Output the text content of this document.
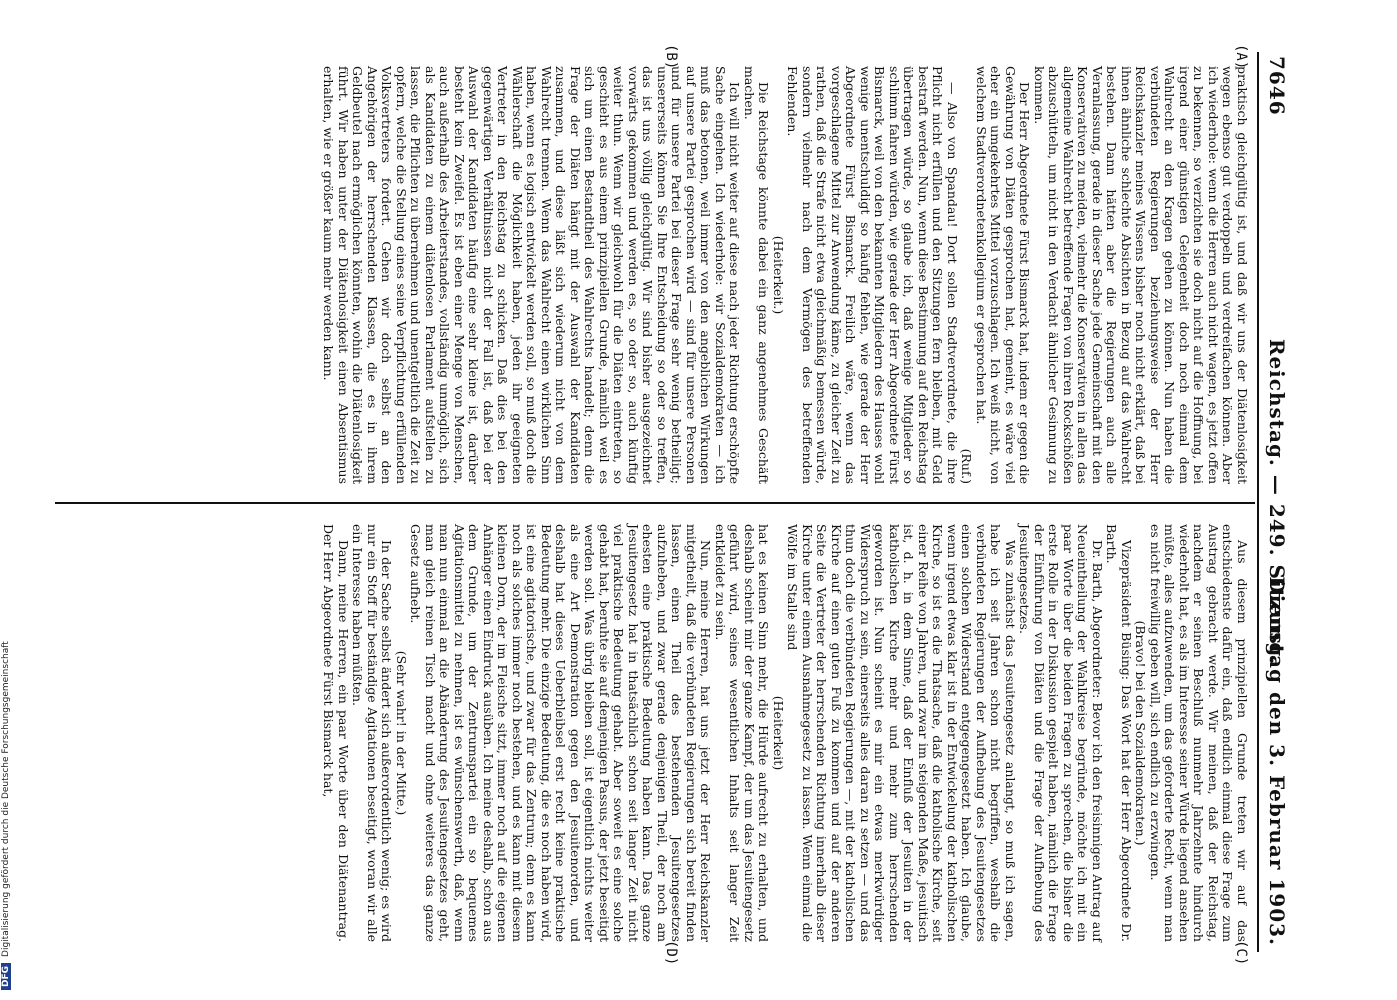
7646
Reichstag. — 249. Sitzung.
Dienstag den 3. Februar 1903.
(A)
(B)
(C)
(D)

praktisch gleichgültig ist, und daß wir uns der Diätenlosigkeit wegen ebenso gut verdoppeln und verdreifachen können. Aber ich wiederhole: wenn die Herren auch nicht wagen, es jetzt offen zu bekennen, so verzichten sie doch nicht auf die Hoffnung, bei irgend einer günstigen Gelegenheit doch noch einmal dem Wahlrecht an den Kragen gehen zu können. Nun haben die verbündeten Regierungen beziehungsweise der Herr Reichskanzler meines Wissens bisher noch nicht erklärt, daß bei ihnen ähnliche schlechte Absichten in Bezug auf das Wahlrecht bestehen. Dann hätten aber die Regierungen auch alle Veranlassung, gerade in dieser Sache jede Gemeinschaft mit den Konservativen zu meiden, vielmehr die Konservativen in allen das allgemeine Wahlrecht betreffende Fragen von ihren Rockschößen abzuschütteln, um nicht in den Verdacht ähnlicher Gesinnung zu kommen.

Der Herr Abgeordnete Fürst Bismarck hat, indem er gegen die Gewährung von Diäten gesprochen hat, gemeint, es wäre viel eher ein umgekehrtes Mittel vorzuschlagen. Ich weiß nicht, von welchem Stadtverordnetenkollegium er gesprochen hat.

(Ruf.)

— Also von Spandau! Dort sollen Stadtverordnete, die ihre Pflicht nicht erfüllen und den Sitzungen fern bleiben, mit Geld bestraft werden. Nun, wenn diese Bestimmung auf den Reichstag übertragen würde, so glaube ich, daß wenige Mitglieder so schlimm fahren würden, wie gerade der Herr Abgeordnete Fürst Bismarck, weil von den bekannten Mitgliedern des Hauses wohl wenige unentschuldigt so häufig fehlen, wie gerade der Herr Abgeordnete Fürst Bismarck. Freilich wäre, wenn das vorgeschlagene Mittel zur Anwendung käme, zu gleicher Zeit zu rathen, daß die Strafe nicht etwa gleichmäßig bemessen würde, sondern vielmehr nach dem Vermögen des betreffenden Fehlenden.

(Heiterkeit.)

Die Reichstage könnte dabei ein ganz angenehmes Geschäft machen.

Ich will nicht weiter auf diese nach jeder Richtung erschöpfte Sache eingehen. Ich wiederhole: wir Sozialdemokraten — ich muß das betonen, weil immer von den angeblichen Wirkungen auf unsere Partei gesprochen wird — sind für unsere Personen und für unsere Partei bei dieser Frage sehr wenig betheiligt; unsererseits können Sie Ihre Entscheidung so oder so treffen, das ist uns völlig gleichgültig. Wir sind bisher ausgezeichnet vorwärts gekommen und werden es, so oder so, auch künftig weiter thun. Wenn wir gleichwohl für die Diäten eintreten, so geschieht es aus einem prinzipiellen Grunde, nämlich weil es sich um einen Bestandtheil des Wahlrechts handelt; denn die Frage der Diäten hängt mit der Auswahl der Kandidaten zusammen, und diese läßt sich wiederum nicht von dem Wahlrecht trennen. Wenn das Wahlrecht einen wirklichen Sinn haben, wenn es logisch entwickelt werden soll, so muß doch die Wählerschaft die Möglichkeit haben, jeden ihr geeigneten Vertreter in den Reichstag zu schicken. Daß dies bei den gegenwärtigen Verhältnissen nicht der Fall ist, daß bei der Auswahl der Kandidaten häufig eine sehr kleine ist, darüber besteht kein Zweifel. Es ist eben einer Menge von Menschen, auch außerhalb des Arbeiterstandes, vollständig unmöglich, sich als Kandidaten zu einem diätenlosen Parlament aufstellen zu lassen, die Pflichten zu übernehmen und unentgeltlich die Zeit zu opfern, welche die Stellung eines seine Verpflichtung erfüllenden Volksvertreters fordert. Gehen wir doch selbst an den Angehörigen der herrschenden Klassen, die es in ihrem Geldbeutel nach ermöglichen könnten, wohin die Diätenlosigkeit führt. Wir haben unter der Diätenlosigkeit einen Absentismus erhalten, wie er größer kaum mehr werden kann.

Aus diesem prinzipiellen Grunde treten wir auf das entschiedenste dafür ein, daß endlich einmal diese Frage zum Austrag gebracht werde. Wir meinen, daß der Reichstag, nachdem er seinen Beschluß nunmehr Jahrzehnte hindurch wiederholt hat, es als im Interesse seiner Würde liegend ansehen müßte, alles aufzuwenden, um das geforderte Recht, wenn man es nicht freiwillig geben will, sich endlich zu erzwingen.

(Bravo! bei den Sozialdemokraten.)

Vizepräsident Büsing: Das Wort hat der Herr Abgeordnete Dr. Barth.

Dr. Barth, Abgeordneter: Bevor ich den freisinnigen Antrag auf Neueintheilung der Wahlkreise begründe, möchte ich mit ein paar Worte über die beiden Fragen zu sprechen, die bisher die erste Rolle in der Diskussion gespielt haben, nämlich die Frage der Einführung von Diäten und die Frage der Aufhebung des Jesuitengesetzes.

Was zunächst das Jesuitengesetz anlangt, so muß ich sagen, habe ich seit Jahren schon nicht begriffen, weshalb die verbündeten Regierungen der Aufhebung des Jesuitengesetzes einen solchen Widerstand entgegengesetzt haben. Ich glaube, wenn irgend etwas klar ist in der Entwickelung der katholischen Kirche, so ist es die Thatsache, daß die katholische Kirche, seit einer Reihe von Jahren, und zwar im steigenden Maße, jesuitisch ist, d. h. in dem Sinne, daß der Einfluß der Jesuiten in der katholischen Kirche mehr und mehr zum herrschenden geworden ist. Nun scheint es mir ein etwas merkwürdiger Widerspruch zu sein, einerseits alles daran zu setzen — und das thun doch die verbündeten Regierungen —, mit der katholischen Kirche auf einen guten Fuß zu kommen und auf der anderen Seite die Vertreter der herrschenden Richtung innerhalb dieser Kirche unter einem Ausnahmegesetz zu lassen. Wenn einmal die Wölfe im Stalle sind

(Heiterkeit)

hat es keinen Sinn mehr, die Hürde aufrecht zu erhalten, und deshalb scheint mir der ganze Kampf, der um das Jesuitengesetz geführt wird, seines wesentlichen Inhalts seit langer Zeit entkleidet zu sein.

Nun, meine Herren, hat uns jetzt der Herr Reichskanzler mitgetheilt, daß die verbündeten Regierungen sich bereit finden lassen, einen Theil des bestehenden Jesuitengesetzes aufzuheben, und zwar gerade denjenigen Theil, der noch am ehesten eine praktische Bedeutung haben kann. Das ganze Jesuitengesetz hat in thatsächlich schon seit langer Zeit nicht viel praktische Bedeutung gehabt. Aber soweit es eine solche gehabt hat, beruhte sie auf demjenigen Passus, der jetzt beseitigt werden soll. Was übrig bleiben soll, ist eigentlich nichts weiter als eine Art Demonstration gegen den Jesuitenorden, und deshalb hat dieses Ueberbleibsel erst recht keine praktische Bedeutung mehr. Die einzige Bedeutung, die es noch haben wird, ist eine agitatorische, und zwar für das Zentrum; denn es kann noch als solches immer noch bestehen, und es kann mit diesem kleinen Dorn, der im Fleische sitzt, immer noch auf die eigenen Anhänger einen Eindruck ausüben. Ich meine deshalb, schon aus dem Grunde, um der Zentrumspartei ein so bequemes Agitationsmittel zu nehmen, ist es wünschenswerth, daß, wenn man nun einmal an die Abänderung des Jesuitengesetzes geht, man gleich reinen Tisch macht und ohne weiteres das ganze Gesetz aufhebt.

(Sehr wahr! in der Mitte.)

In der Sache selbst ändert sich außerordentlich wenig; es wird nur ein Stoff für beständige Agitationen beseitigt, woran wir alle ein Interesse haben müßten.

Dann, meine Herren, ein paar Worte über den Diätenantrag. Der Herr Abgeordnete Fürst Bismarck hat,

DFGDigitalisierung gefördert durch die Deutsche Forschungsgemeinschaft
